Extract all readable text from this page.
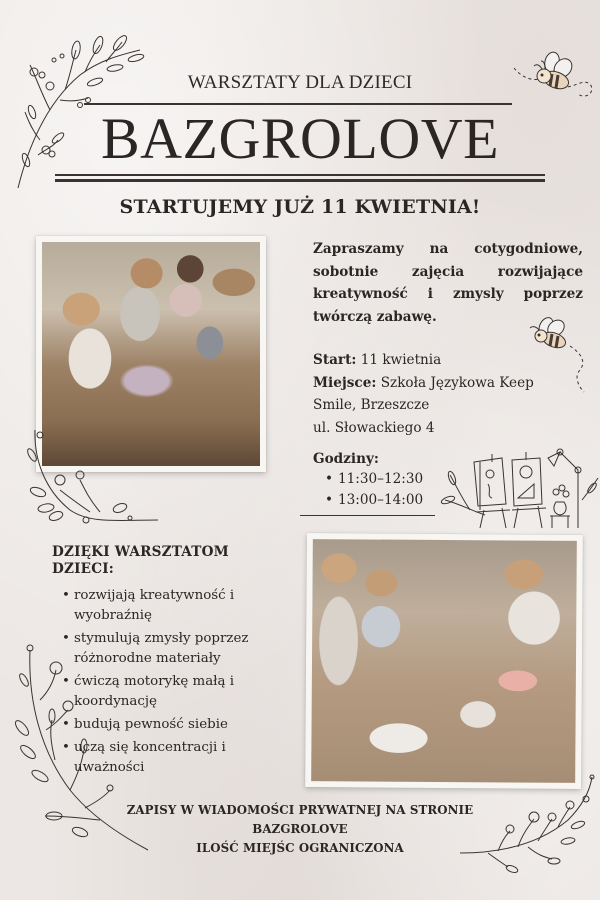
WARSZTATY DLA DZIECI
BAZGROLOVE
STARTUJEMY JUŻ 11 KWIETNIA!
Zapraszamy na cotygodniowe, sobotnie zajęcia rozwijające kreatywność i zmysly poprzez twórczą zabawę.
Start: 11 kwietnia
Miejsce: Szkoła Językowa Keep
Smile, Brzeszcze
ul. Słowackiego 4
Godziny:
• 11:30–12:30
• 13:00–14:00
DZIĘKI WARSZTATOM
DZIECI:
• rozwijają kreatywność i wyobraźnię
• stymulują zmysły poprzez różnorodne materiały
• ćwiczą motorykę małą i koordynację
• budują pewność siebie
• uczą się koncentracji i uważności
ZAPISY W WIADOMOŚCI PRYWATNEJ NA STRONIE
BAZGROLOVE
ILOŚĆ MIEJŚC OGRANICZONA
